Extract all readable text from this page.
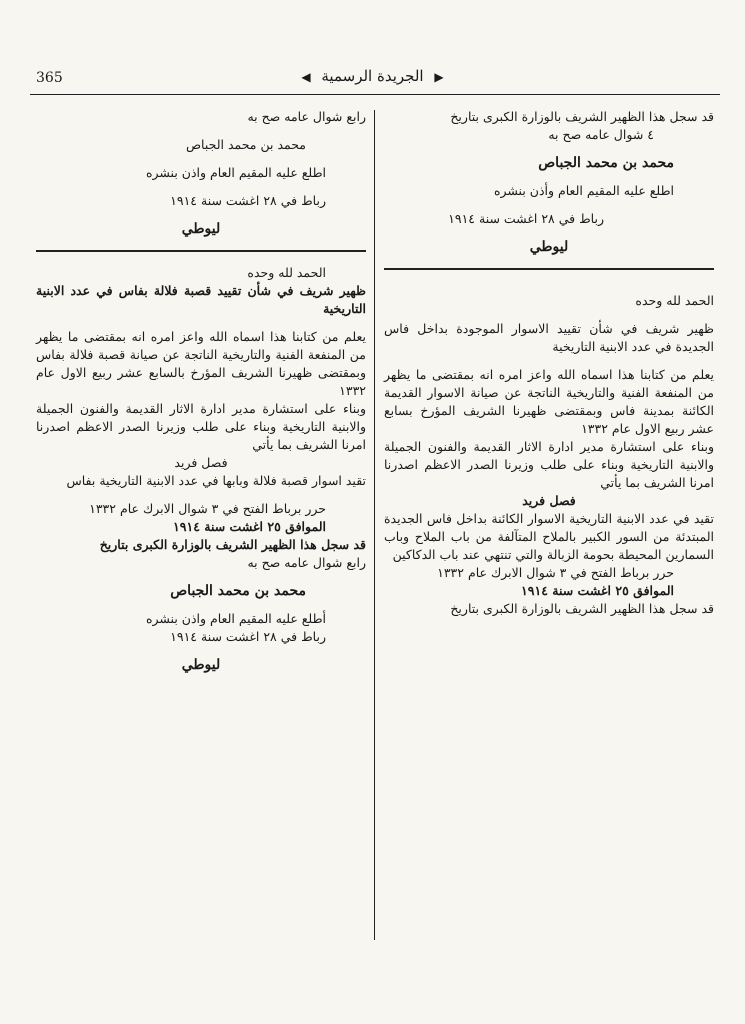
365	▶ الجريدة الرسمية ◀

قد سجل هذا الظهير الشريف بالوزارة الكبرى بتاريخ

٤ شوال عامه صح به

محمد بن محمد الجباص

اطلع عليه المقيم العام وأذن بنشره

رباط في ٢٨ اغشت سنة ١٩١٤

ليوطي

الحمد لله وحده

ظهير شريف في شأن تقييد الاسوار الموجودة بداخل فاس الجديدة في عدد الابنية التاريخية

يعلم من كتابنا هذا اسماه الله واعز امره انه بمقتضى ما يظهر من المنفعة الفنية والتاريخية الناتجة عن صيانة الاسوار القديمة الكائنة بمدينة فاس وبمقتضى ظهيرنا الشريف المؤرخ بسابع عشر ربيع الاول عام ١٣٣٢

وبناء على استشارة مدير ادارة الاثار القديمة والفنون الجميلة والابنية التاريخية وبناء على طلب وزيرنا الصدر الاعظم اصدرنا امرنا الشريف بما يأتي

فصل فريد

تقيد في عدد الابنية التاريخية الاسوار الكائنة بداخل فاس الجديدة المبتدئة من السور الكبير بالملاح المتآلفة من باب الملاح وباب السمارين المحيطة بحومة الزبالة والتي تنتهي عند باب الدكاكين

حرر برباط الفتح في ٣ شوال الابرك عام ١٣٣٢

الموافق ٢٥ اغشت سنة ١٩١٤

قد سجل هذا الظهير الشريف بالوزارة الكبرى بتاريخ

رابع شوال عامه صح به

محمد بن محمد الجباص

اطلع عليه المقيم العام واذن بنشره

رباط في ٢٨ اغشت سنة ١٩١٤

ليوطي

الحمد لله وحده

ظهير شريف في شأن تقييد قصبة فلالة بفاس في عدد الابنية التاريخية

يعلم من كتابنا هذا اسماه الله واعز امره انه بمقتضى ما يظهر من المنفعة الفنية والتاريخية الناتجة عن صيانة قصبة فلالة بفاس وبمقتضى ظهيرنا الشريف المؤرخ بالسابع عشر ربيع الاول عام ١٣٣٢

وبناء على استشارة مدير ادارة الاثار القديمة والفنون الجميلة والابنية التاريخية وبناء على طلب وزيرنا الصدر الاعظم اصدرنا امرنا الشريف بما يأتي

فصل فريد

تقيد اسوار قصبة فلالة وبابها في عدد الابنية التاريخية بفاس

حرر برباط الفتح في ٣ شوال الابرك عام ١٣٣٢

الموافق ٢٥ اغشت سنة ١٩١٤

قد سجل هذا الظهير الشريف بالوزارة الكبرى بتاريخ

رابع شوال عامه صح به

محمد بن محمد الجباص

أطلع عليه المقيم العام واذن بنشره

رباط في ٢٨ اغشت سنة ١٩١٤

ليوطي
